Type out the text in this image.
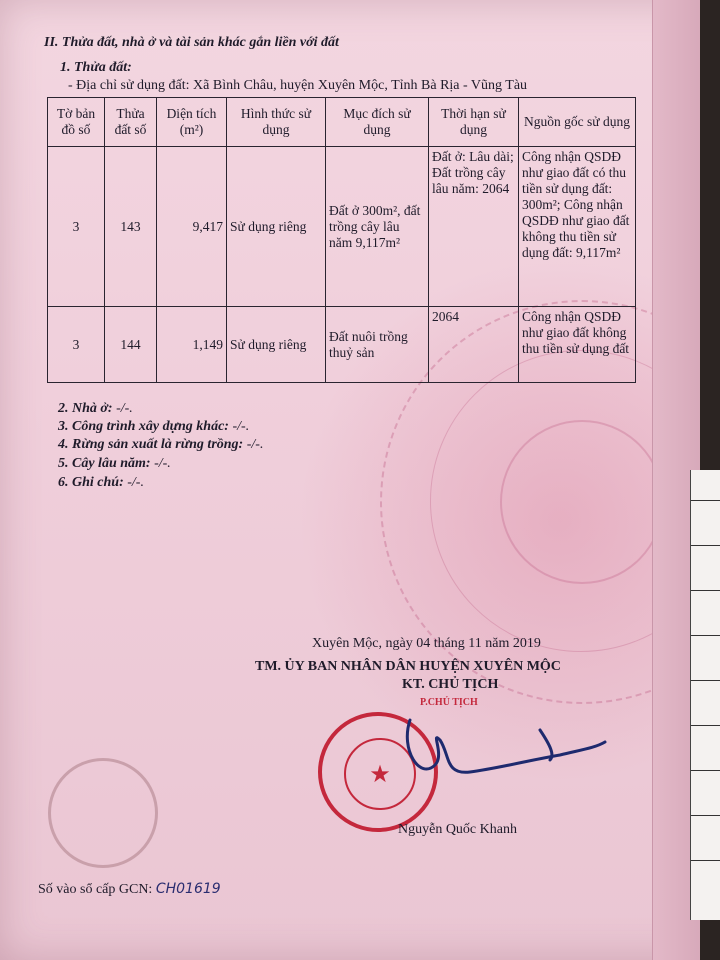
II. Thửa đất, nhà ở và tài sản khác gắn liền với đất
1. Thửa đất:
- Địa chỉ sử dụng đất: Xã Bình Châu, huyện Xuyên Mộc, Tỉnh Bà Rịa - Vũng Tàu
Tờ bản đồ số	Thửa đất số	Diện tích (m²)	Hình thức sử dụng	Mục đích sử dụng	Thời hạn sử dụng	Nguồn gốc sử dụng
3	143	9,417	Sử dụng riêng	Đất ở 300m², đất trồng cây lâu năm 9,117m²	Đất ở: Lâu dài; Đất trồng cây lâu năm: 2064	Công nhận QSDĐ như giao đất có thu tiền sử dụng đất: 300m²; Công nhận QSDĐ như giao đất không thu tiền sử dụng đất: 9,117m²
3	144	1,149	Sử dụng riêng	Đất nuôi trồng thuỷ sản	2064	Công nhận QSDĐ như giao đất không thu tiền sử dụng đất
2. Nhà ở: -/-.
3. Công trình xây dựng khác: -/-.
4. Rừng sản xuất là rừng trồng: -/-.
5. Cây lâu năm: -/-.
6. Ghi chú: -/-.
Xuyên Mộc, ngày 04 tháng 11 năm 2019
TM. ỦY BAN NHÂN DÂN HUYỆN XUYÊN MỘC
KT. CHỦ TỊCH
P.CHỦ TỊCH
★
Nguyễn Quốc Khanh
Số vào sổ cấp GCN: CH01619
